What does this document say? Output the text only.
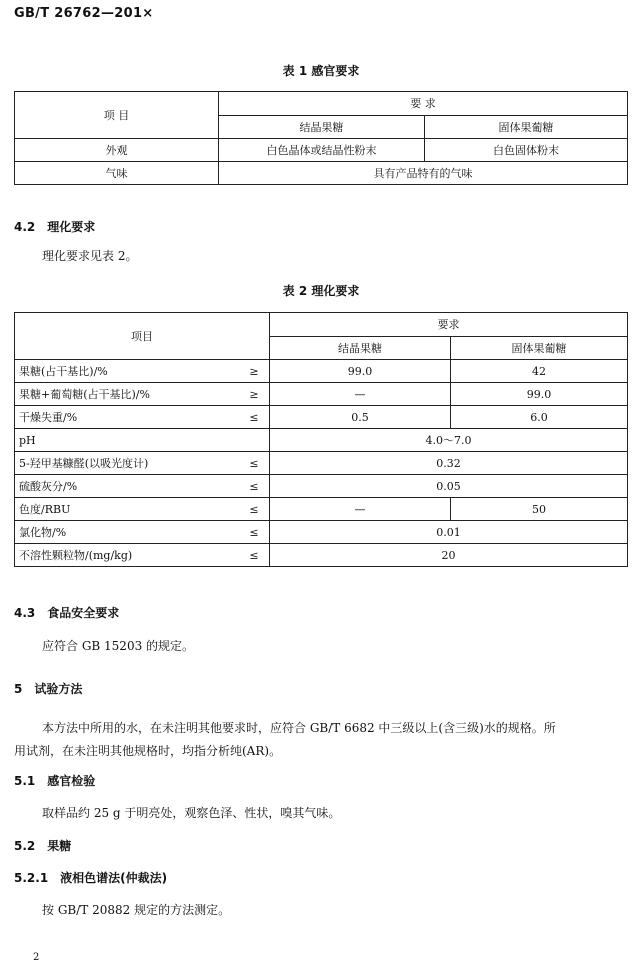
GB/T 26762—201×
表 1 感官要求
项 目	要 求	
	结晶果糖	固体果葡糖
外观	白色晶体或结晶性粉末	白色固体粉末
气味	具有产品特有的气味	
4.2 理化要求
理化要求见表 2。
表 2 理化要求
项目		要求	
		结晶果糖	固体果葡糖
果糖(占干基比)/%	≥	99.0	42
果糖+葡萄糖(占干基比)/%	≥	—	99.0
干燥失重/%	≤	0.5	6.0
pH		4.0～7.0	
5-羟甲基糠醛(以吸光度计)	≤	0.32	
硫酸灰分/%	≤	0.05	
色度/RBU	≤	—	50
氯化物/%	≤	0.01	
不溶性颗粒物/(mg/kg)	≤	20	
4.3 食品安全要求
应符合 GB 15203 的规定。
5 试验方法
本方法中所用的水，在未注明其他要求时，应符合 GB/T 6682 中三级以上(含三级)水的规格。所
用试剂，在未注明其他规格时，均指分析纯(AR)。
5.1 感官检验
取样品约 25 g 于明亮处，观察色泽、性状，嗅其气味。
5.2 果糖
5.2.1 液相色谱法(仲裁法)
按 GB/T 20882 规定的方法测定。
2
